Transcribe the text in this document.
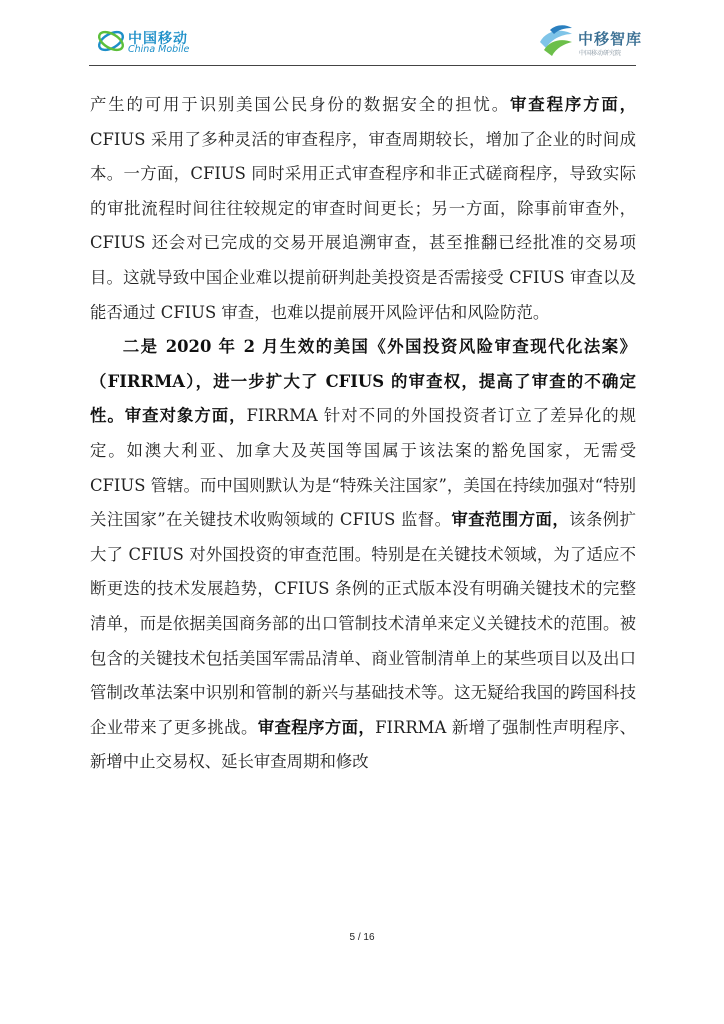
中国移动
China Mobile
中移智库
中国移动研究院

产生的可用于识别美国公民身份的数据安全的担忧。审查程序方面，CFIUS 采用了多种灵活的审查程序，审查周期较长，增加了企业的时间成本。一方面，CFIUS 同时采用正式审查程序和非正式磋商程序，导致实际的审批流程时间往往较规定的审查时间更长；另一方面，除事前审查外，CFIUS 还会对已完成的交易开展追溯审查，甚至推翻已经批准的交易项目。这就导致中国企业难以提前研判赴美投资是否需接受 CFIUS 审查以及能否通过 CFIUS 审查，也难以提前展开风险评估和风险防范。

二是 2020 年 2 月生效的美国《外国投资风险审查现代化法案》（FIRRMA），进一步扩大了 CFIUS 的审查权，提高了审查的不确定性。审查对象方面，FIRRMA 针对不同的外国投资者订立了差异化的规定。如澳大利亚、加拿大及英国等国属于该法案的豁免国家，无需受 CFIUS 管辖。而中国则默认为是“特殊关注国家”，美国在持续加强对“特别关注国家”在关键技术收购领域的 CFIUS 监督。审查范围方面，该条例扩大了 CFIUS 对外国投资的审查范围。特别是在关键技术领域，为了适应不断更迭的技术发展趋势，CFIUS 条例的正式版本没有明确关键技术的完整清单，而是依据美国商务部的出口管制技术清单来定义关键技术的范围。被包含的关键技术包括美国军需品清单、商业管制清单上的某些项目以及出口管制改革法案中识别和管制的新兴与基础技术等。这无疑给我国的跨国科技企业带来了更多挑战。审查程序方面，FIRRMA 新增了强制性声明程序、新增中止交易权、延长审查周期和修改

5 / 16
